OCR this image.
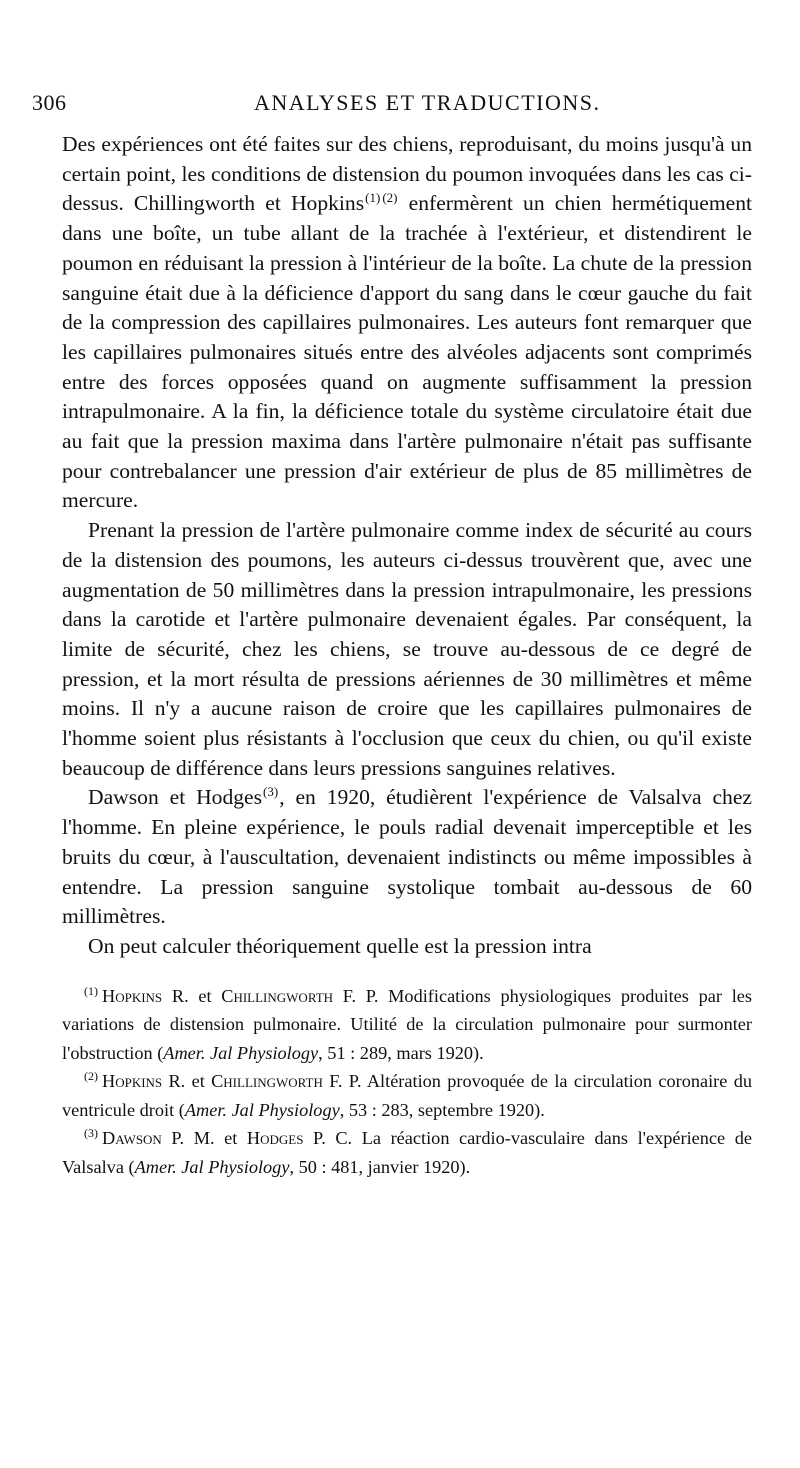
306	ANALYSES ET TRADUCTIONS.

Des expériences ont été faites sur des chiens, reproduisant, du moins jusqu'à un certain point, les conditions de distension du poumon invoquées dans les cas ci-dessus. Chillingworth et Hopkins$^{(1)}$ $^{(2)}$ enfermèrent un chien hermétiquement dans une boîte, un tube allant de la trachée à l'extérieur, et distendirent le poumon en réduisant la pression à l'intérieur de la boîte. La chute de la pression sanguine était due à la déficience d'apport du sang dans le cœur gauche du fait de la compression des capillaires pulmonaires. Les auteurs font remarquer que les capillaires pulmonaires situés entre des alvéoles adjacents sont comprimés entre des forces opposées quand on augmente suffisamment la pression intrapulmonaire. A la fin, la déficience totale du système circulatoire était due au fait que la pression maxima dans l'artère pulmonaire n'était pas suffisante pour contrebalancer une pression d'air extérieur de plus de 85 millimètres de mercure.

Prenant la pression de l'artère pulmonaire comme index de sécurité au cours de la distension des poumons, les auteurs ci-dessus trouvèrent que, avec une augmentation de 50 millimètres dans la pression intrapulmonaire, les pressions dans la carotide et l'artère pulmonaire devenaient égales. Par conséquent, la limite de sécurité, chez les chiens, se trouve au-dessous de ce degré de pression, et la mort résulta de pressions aériennes de 30 millimètres et même moins. Il n'y a aucune raison de croire que les capillaires pulmonaires de l'homme soient plus résistants à l'occlusion que ceux du chien, ou qu'il existe beaucoup de différence dans leurs pressions sanguines relatives.

Dawson et Hodges$^{(3)}$, en 1920, étudièrent l'expérience de Valsalva chez l'homme. En pleine expérience, le pouls radial devenait imperceptible et les bruits du cœur, à l'auscultation, devenaient indistincts ou même impossibles à entendre. La pression sanguine systolique tombait au-dessous de 60 millimètres.

On peut calculer théoriquement quelle est la pression intra

$^{(1)}$ Hopkins R. et Chillingworth F. P. Modifications physiologiques produites par les variations de distension pulmonaire. Utilité de la circulation pulmonaire pour surmonter l'obstruction (Amer. Jal Physiology, 51 : 289, mars 1920).

$^{(2)}$ Hopkins R. et Chillingworth F. P. Altération provoquée de la circulation coronaire du ventricule droit (Amer. Jal Physiology, 53 : 283, septembre 1920).

$^{(3)}$ Dawson P. M. et Hodges P. C. La réaction cardio-vasculaire dans l'expérience de Valsalva (Amer. Jal Physiology, 50 : 481, janvier 1920).
